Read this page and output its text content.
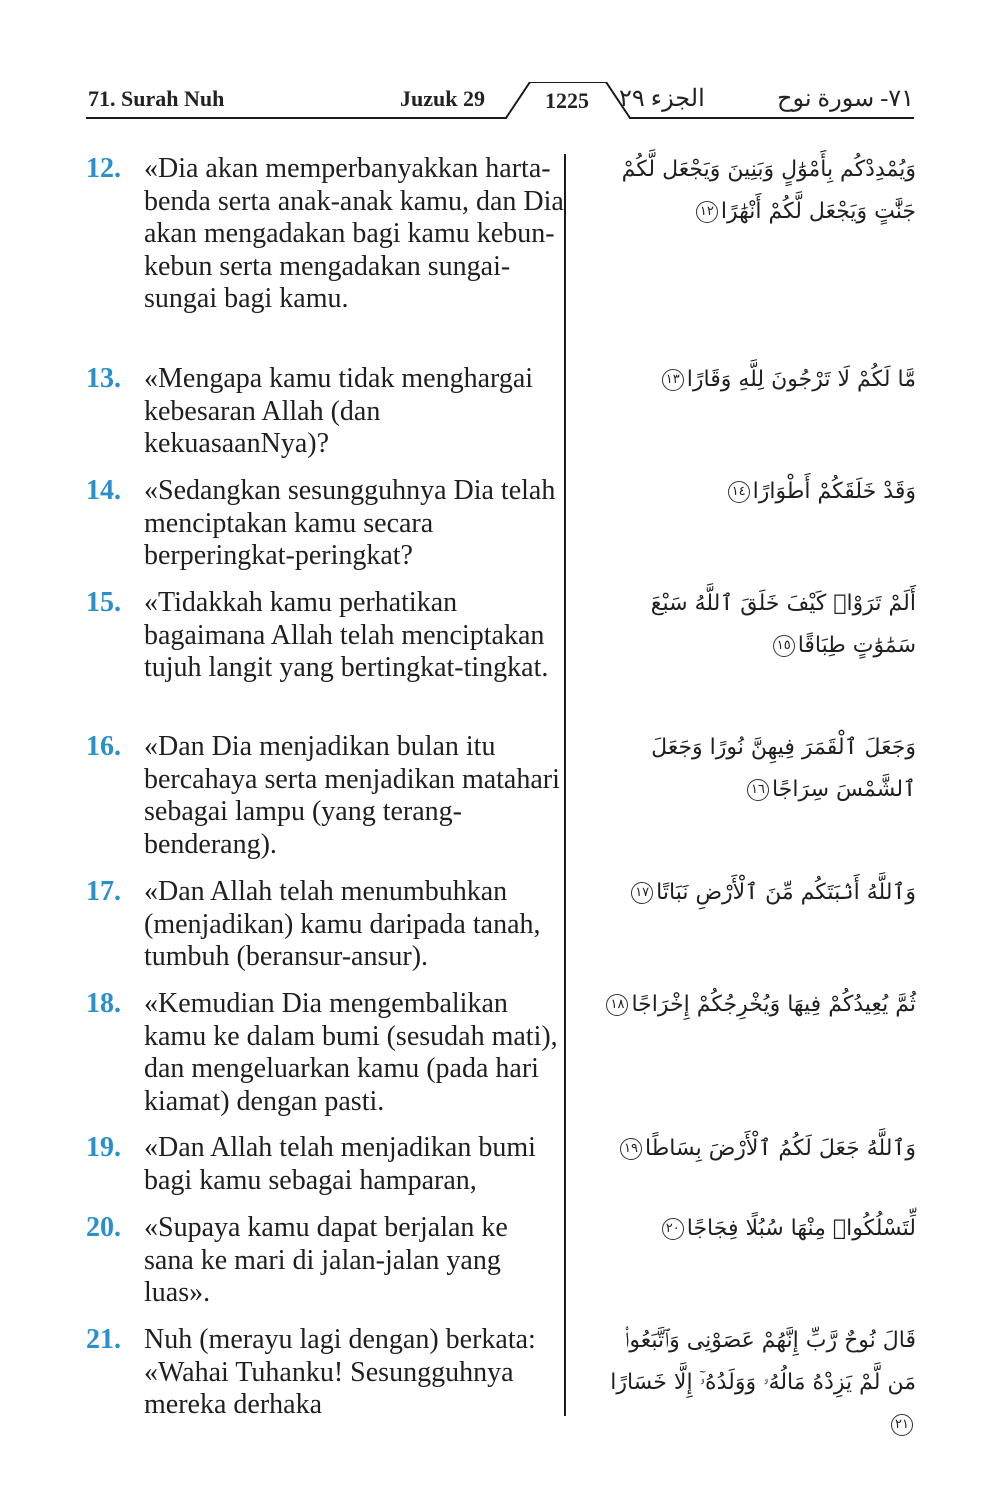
71. Surah Nuh	Juzuk 29	1225	الجزء ٢٩	٧١- سورة نوح
12. «Dia akan memperbanyakkan harta- benda serta anak-anak kamu, dan Dia akan mengadakan bagi kamu kebun-kebun serta mengadakan sungai-sungai bagi kamu.
وَيُمْدِدْكُم بِأَمْوَٰلٍ وَبَنِينَ وَيَجْعَل لَّكُمْ جَنَّٰتٍ وَيَجْعَل لَّكُمْ أَنْهَٰرًا١٢
13. «Mengapa kamu tidak menghargai kebesaran Allah (dan kekuasaanNya)?
مَّا لَكُمْ لَا تَرْجُونَ لِلَّهِ وَقَارًا١٣
14. «Sedangkan sesungguhnya Dia telah menciptakan kamu secara berperingkat-peringkat?
وَقَدْ خَلَقَكُمْ أَطْوَارًا١٤
15. «Tidakkah kamu perhatikan bagaimana Allah telah menciptakan tujuh langit yang bertingkat-tingkat.
أَلَمْ تَرَوْا۟ كَيْفَ خَلَقَ ٱللَّهُ سَبْعَ سَمَٰوَٰتٍ طِبَاقًا١٥
16. «Dan Dia menjadikan bulan itu bercahaya serta menjadikan matahari sebagai lampu (yang terang-benderang).
وَجَعَلَ ٱلْقَمَرَ فِيهِنَّ نُورًا وَجَعَلَ ٱلشَّمْسَ سِرَاجًا١٦
17. «Dan Allah telah menumbuhkan (menjadikan) kamu daripada tanah, tumbuh (beransur-ansur).
وَٱللَّهُ أَنۢبَتَكُم مِّنَ ٱلْأَرْضِ نَبَاتًا١٧
18. «Kemudian Dia mengembalikan kamu ke dalam bumi (sesudah mati), dan mengeluarkan kamu (pada hari kiamat) dengan pasti.
ثُمَّ يُعِيدُكُمْ فِيهَا وَيُخْرِجُكُمْ إِخْرَاجًا١٨
19. «Dan Allah telah menjadikan bumi bagi kamu sebagai hamparan,
وَٱللَّهُ جَعَلَ لَكُمُ ٱلْأَرْضَ بِسَاطًا١٩
20. «Supaya kamu dapat berjalan ke sana ke mari di jalan-jalan yang luas».
لِّتَسْلُكُوا۟ مِنْهَا سُبُلًا فِجَاجًا٢٠
21. Nuh (merayu lagi dengan) berkata: «Wahai Tuhanku! Sesungguhnya mereka derhaka
قَالَ نُوحٌ رَّبِّ إِنَّهُمْ عَصَوْنِى وَٱتَّبَعُوا۟ مَن لَّمْ يَزِدْهُ مَالُهُۥ وَوَلَدُهُۥٓ إِلَّا خَسَارًا٢١
